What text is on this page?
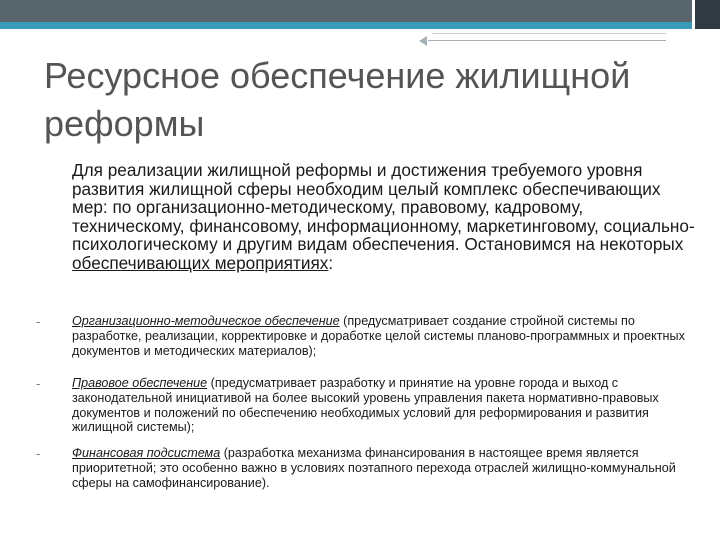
Ресурсное обеспечение жилищной реформы

Для реализации жилищной реформы и достижения требуемого уровня развития жилищной сферы необходим целый комплекс обеспечивающих мер: по организационно-методическому, правовому, кадровому, техническому, финансовому, информационному, маркетинговому, социально-психологическому и другим видам обеспечения. Остановимся на некоторых обеспечивающих мероприятиях:

-	Организационно-методическое обеспечение (предусматривает создание стройной системы по разработке, реализации, корректировке и доработке целой системы планово-программных и проектных документов и методических материалов);

-	Правовое обеспечение (предусматривает разработку и принятие на уровне города и выход с законодательной инициативой на более высокий уровень управления пакета нормативно-правовых документов и положений по обеспечению необходимых условий для реформирования и развития жилищной системы);

-	Финансовая подсистема (разработка механизма финансирования в настоящее время является приоритетной; это особенно важно в условиях поэтапного перехода отраслей жилищно-коммунальной сферы на самофинансирование).
